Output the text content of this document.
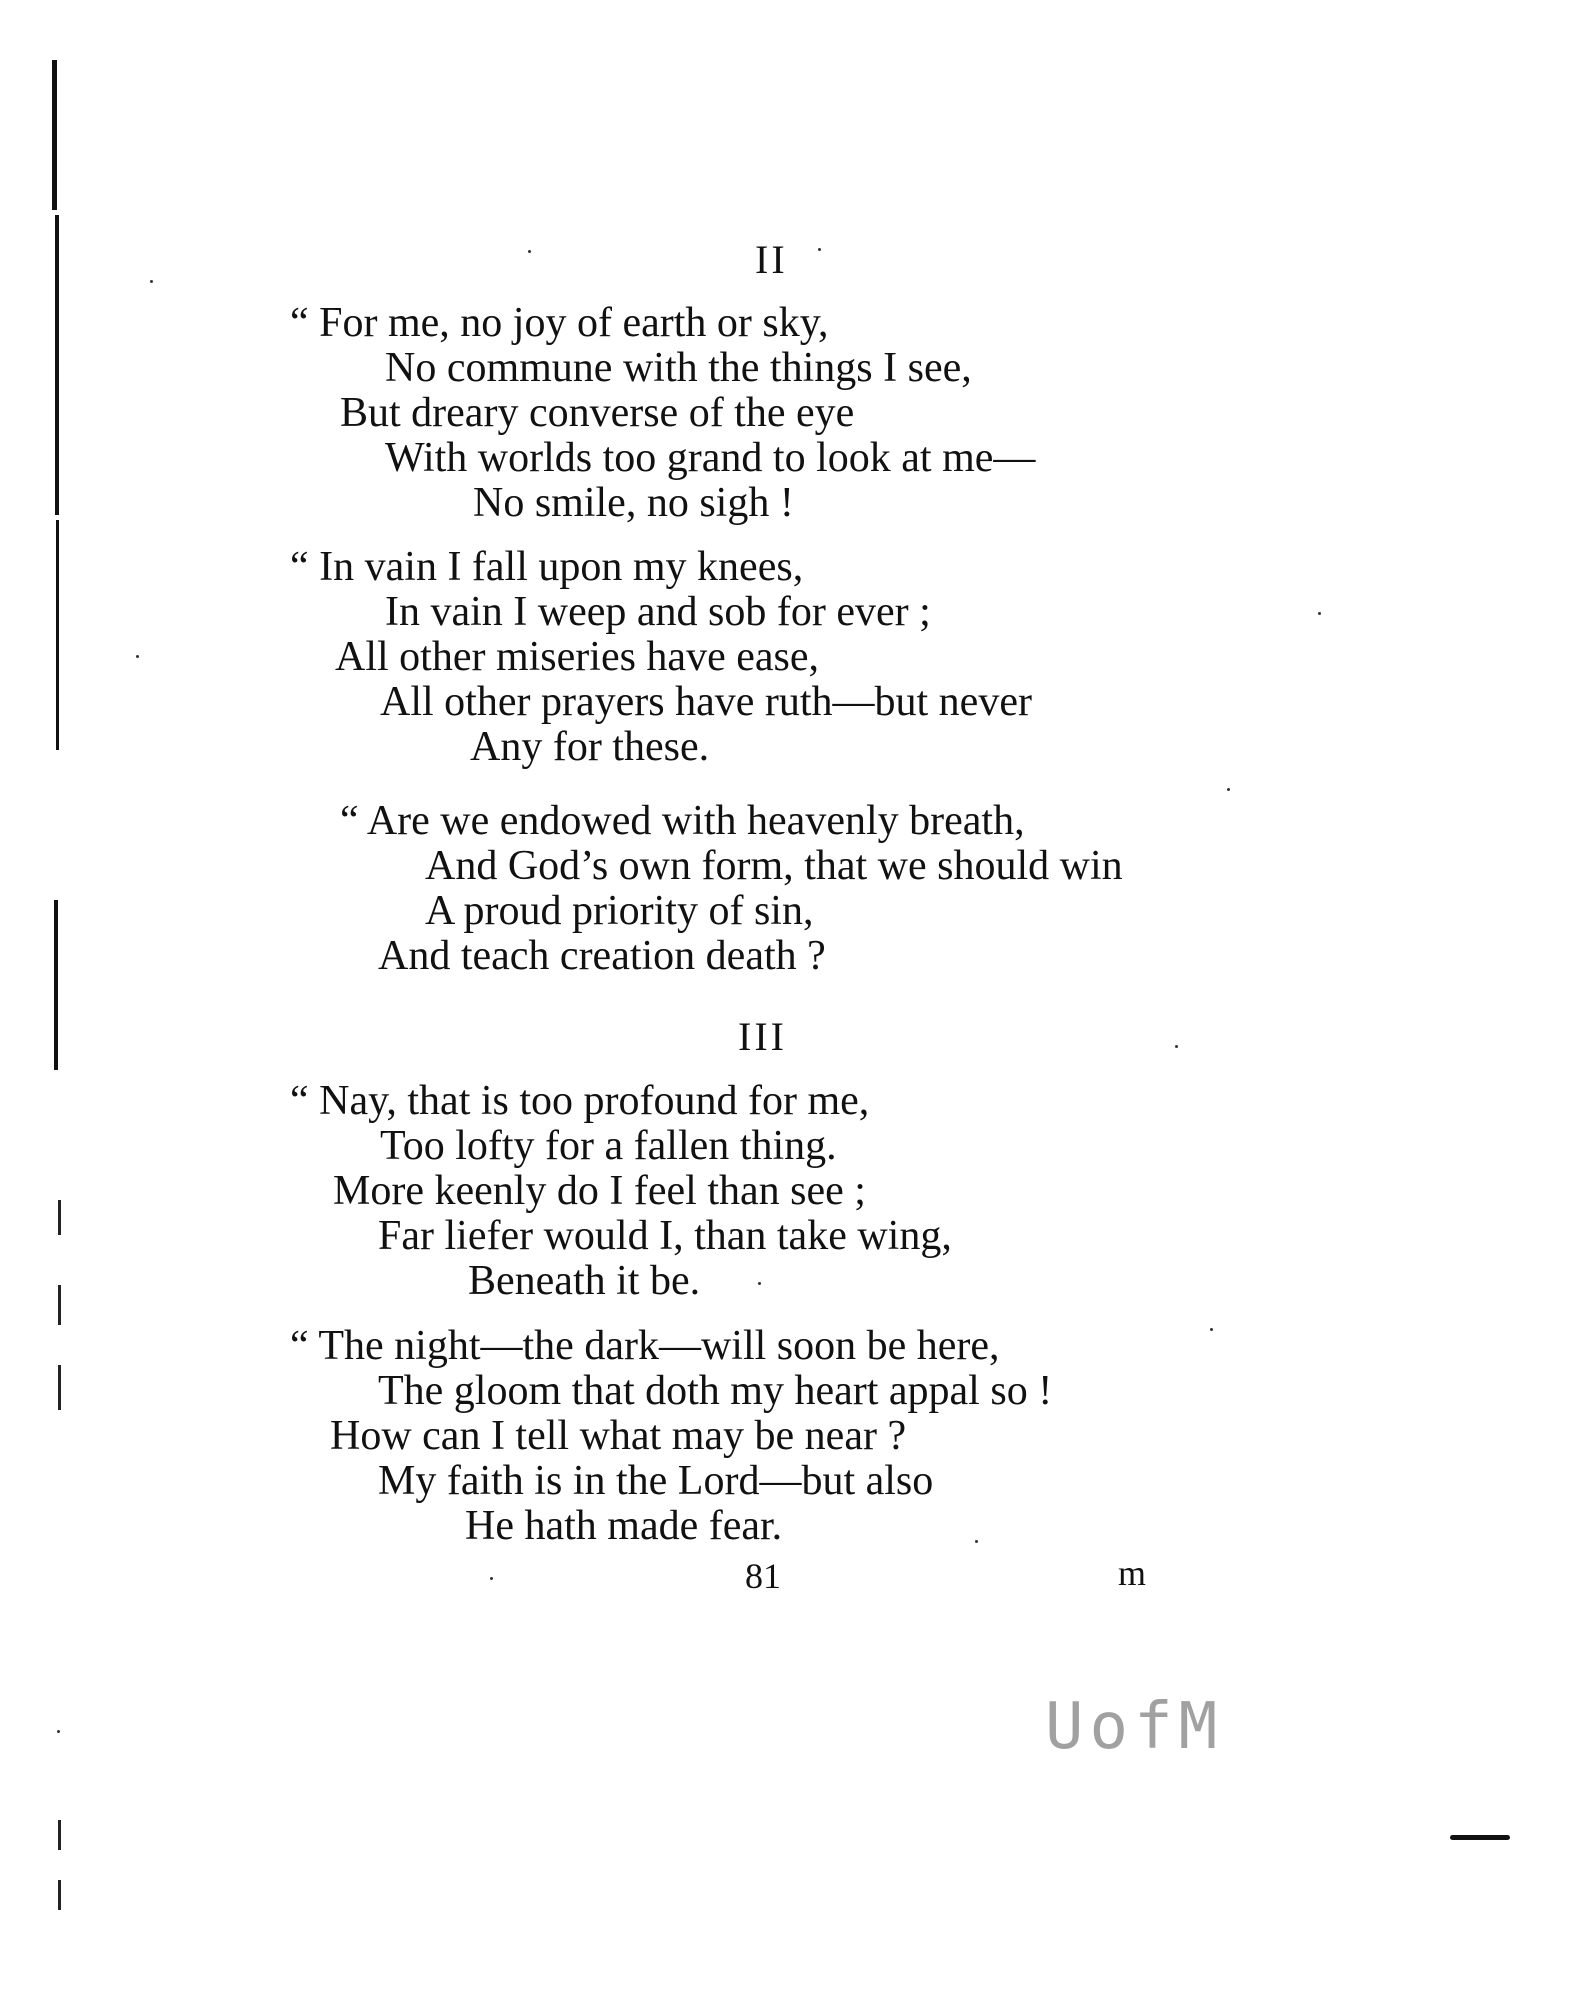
II
“ For me, no joy of earth or sky,
No commune with the things I see,
But dreary converse of the eye
With worlds too grand to look at me—
No smile, no sigh !
“ In vain I fall upon my knees,
In vain I weep and sob for ever ;
All other miseries have ease,
All other prayers have ruth—but never
Any for these.
“ Are we endowed with heavenly breath,
And God’s own form, that we should win
A proud priority of sin,
And teach creation death ?
III
“ Nay, that is too profound for me,
Too lofty for a fallen thing.
More keenly do I feel than see ;
Far liefer would I, than take wing,
Beneath it be.
“ The night—the dark—will soon be here,
The gloom that doth my heart appal so !
How can I tell what may be near ?
My faith is in the Lord—but also
He hath made fear.
81	m
UofM
